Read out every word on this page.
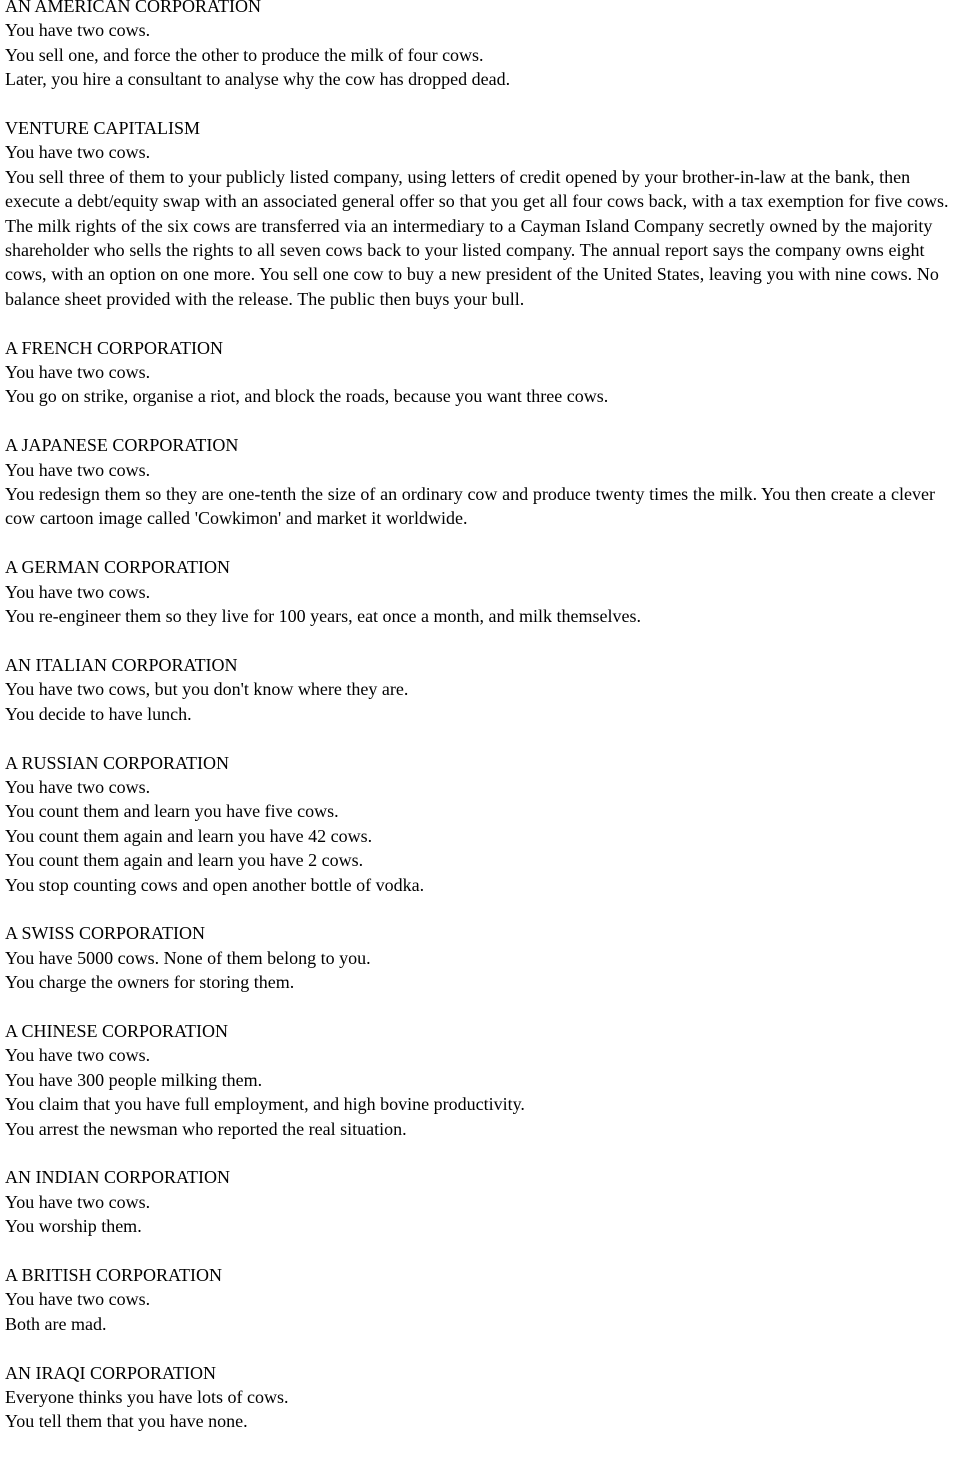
AN AMERICAN CORPORATION
You have two cows.
You sell one, and force the other to produce the milk of four cows.
Later, you hire a consultant to analyse why the cow has dropped dead.
VENTURE CAPITALISM
You have two cows.
You sell three of them to your publicly listed company, using letters of credit opened by your brother-in-law at the bank, then execute a debt/equity swap with an associated general offer so that you get all four cows back, with a tax exemption for five cows. The milk rights of the six cows are transferred via an intermediary to a Cayman Island Company secretly owned by the majority shareholder who sells the rights to all seven cows back to your listed company. The annual report says the company owns eight cows, with an option on one more. You sell one cow to buy a new president of the United States, leaving you with nine cows. No balance sheet provided with the release. The public then buys your bull.
A FRENCH CORPORATION
You have two cows.
You go on strike, organise a riot, and block the roads, because you want three cows.
A JAPANESE CORPORATION
You have two cows.
You redesign them so they are one-tenth the size of an ordinary cow and produce twenty times the milk. You then create a clever cow cartoon image called 'Cowkimon' and market it worldwide.
A GERMAN CORPORATION
You have two cows.
You re-engineer them so they live for 100 years, eat once a month, and milk themselves.
AN ITALIAN CORPORATION
You have two cows, but you don't know where they are.
You decide to have lunch.
A RUSSIAN CORPORATION
You have two cows.
You count them and learn you have five cows.
You count them again and learn you have 42 cows.
You count them again and learn you have 2 cows.
You stop counting cows and open another bottle of vodka.
A SWISS CORPORATION
You have 5000 cows. None of them belong to you.
You charge the owners for storing them.
A CHINESE CORPORATION
You have two cows.
You have 300 people milking them.
You claim that you have full employment, and high bovine productivity.
You arrest the newsman who reported the real situation.
AN INDIAN CORPORATION
You have two cows.
You worship them.
A BRITISH CORPORATION
You have two cows.
Both are mad.
AN IRAQI CORPORATION
Everyone thinks you have lots of cows.
You tell them that you have none.
